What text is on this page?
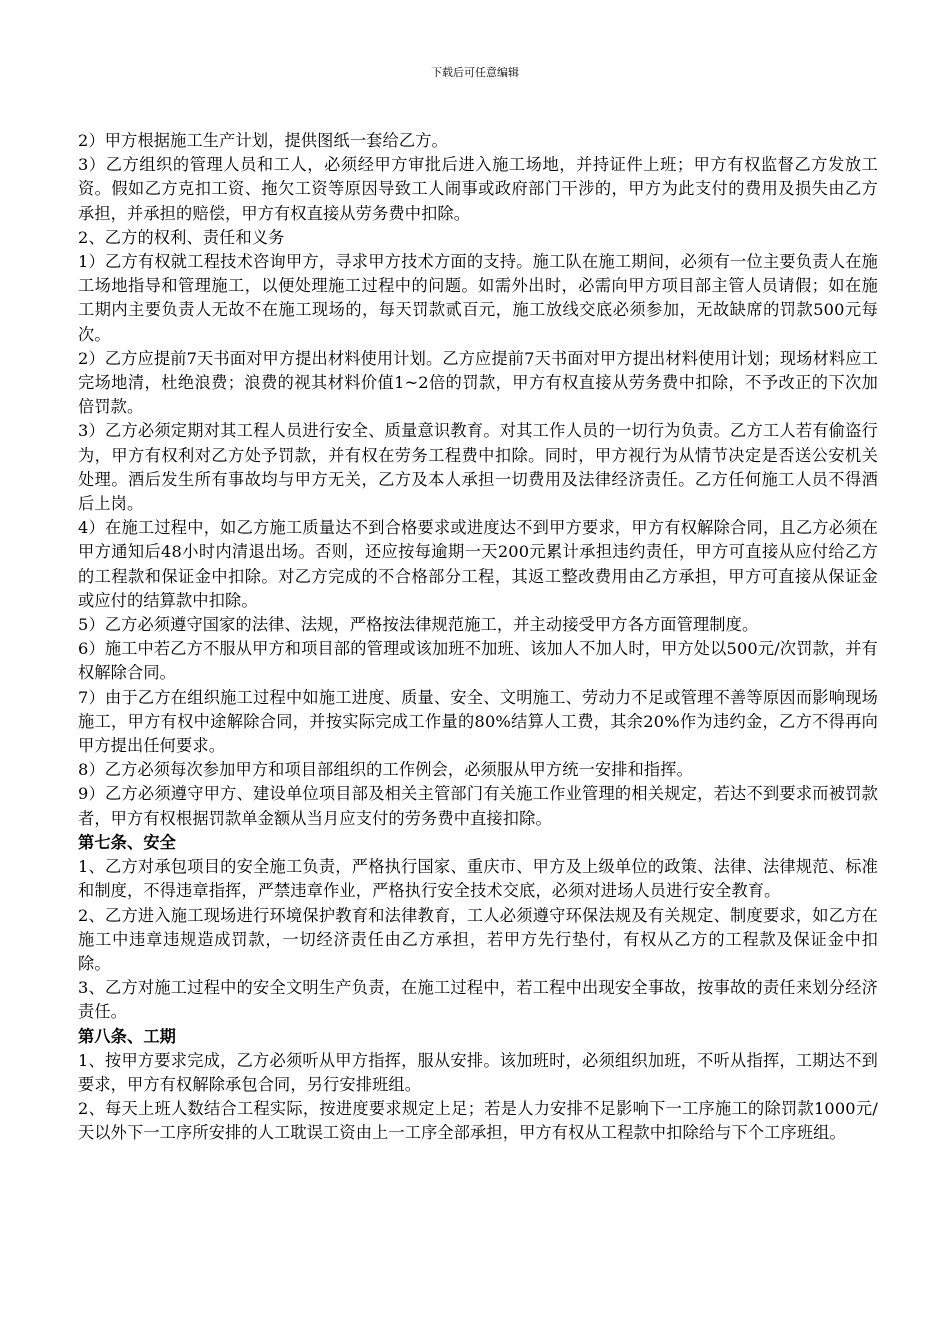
下载后可任意编辑

2）甲方根据施工生产计划，提供图纸一套给乙方。

3）乙方组织的管理人员和工人，必须经甲方审批后进入施工场地，并持证件上班；甲方有权监督乙方发放工资。假如乙方克扣工资、拖欠工资等原因导致工人闹事或政府部门干涉的，甲方为此支付的费用及损失由乙方承担，并承担的赔偿，甲方有权直接从劳务费中扣除。

2、乙方的权利、责任和义务

1）乙方有权就工程技术咨询甲方，寻求甲方技术方面的支持。施工队在施工期间，必须有一位主要负责人在施工场地指导和管理施工，以便处理施工过程中的问题。如需外出时，必需向甲方项目部主管人员请假；如在施工期内主要负责人无故不在施工现场的，每天罚款贰百元，施工放线交底必须参加，无故缺席的罚款500元每次。

2）乙方应提前7天书面对甲方提出材料使用计划。乙方应提前7天书面对甲方提出材料使用计划；现场材料应工完场地清，杜绝浪费；浪费的视其材料价值1~2倍的罚款，甲方有权直接从劳务费中扣除，不予改正的下次加倍罚款。

3）乙方必须定期对其工程人员进行安全、质量意识教育。对其工作人员的一切行为负责。乙方工人若有偷盗行为，甲方有权利对乙方处予罚款，并有权在劳务工程费中扣除。同时，甲方视行为从情节决定是否送公安机关处理。酒后发生所有事故均与甲方无关，乙方及本人承担一切费用及法律经济责任。乙方任何施工人员不得酒后上岗。

4）在施工过程中，如乙方施工质量达不到合格要求或进度达不到甲方要求，甲方有权解除合同，且乙方必须在甲方通知后48小时内清退出场。否则，还应按每逾期一天200元累计承担违约责任，甲方可直接从应付给乙方的工程款和保证金中扣除。对乙方完成的不合格部分工程，其返工整改费用由乙方承担，甲方可直接从保证金或应付的结算款中扣除。

5）乙方必须遵守国家的法律、法规，严格按法律规范施工，并主动接受甲方各方面管理制度。

6）施工中若乙方不服从甲方和项目部的管理或该加班不加班、该加人不加人时，甲方处以500元/次罚款，并有权解除合同。

7）由于乙方在组织施工过程中如施工进度、质量、安全、文明施工、劳动力不足或管理不善等原因而影响现场施工，甲方有权中途解除合同，并按实际完成工作量的80%结算人工费，其余20%作为违约金，乙方不得再向甲方提出任何要求。

8）乙方必须每次参加甲方和项目部组织的工作例会，必须服从甲方统一安排和指挥。

9）乙方必须遵守甲方、建设单位项目部及相关主管部门有关施工作业管理的相关规定，若达不到要求而被罚款者，甲方有权根据罚款单金额从当月应支付的劳务费中直接扣除。

第七条、安全

1、乙方对承包项目的安全施工负责，严格执行国家、重庆市、甲方及上级单位的政策、法律、法律规范、标准和制度，不得违章指挥，严禁违章作业，严格执行安全技术交底，必须对进场人员进行安全教育。

2、乙方进入施工现场进行环境保护教育和法律教育，工人必须遵守环保法规及有关规定、制度要求，如乙方在施工中违章违规造成罚款，一切经济责任由乙方承担，若甲方先行垫付，有权从乙方的工程款及保证金中扣除。

3、乙方对施工过程中的安全文明生产负责，在施工过程中，若工程中出现安全事故，按事故的责任来划分经济责任。

第八条、工期

1、按甲方要求完成，乙方必须听从甲方指挥，服从安排。该加班时，必须组织加班，不听从指挥，工期达不到要求，甲方有权解除承包合同，另行安排班组。

2、每天上班人数结合工程实际，按进度要求规定上足；若是人力安排不足影响下一工序施工的除罚款1000元/天以外下一工序所安排的人工耽误工资由上一工序全部承担，甲方有权从工程款中扣除给与下个工序班组。
